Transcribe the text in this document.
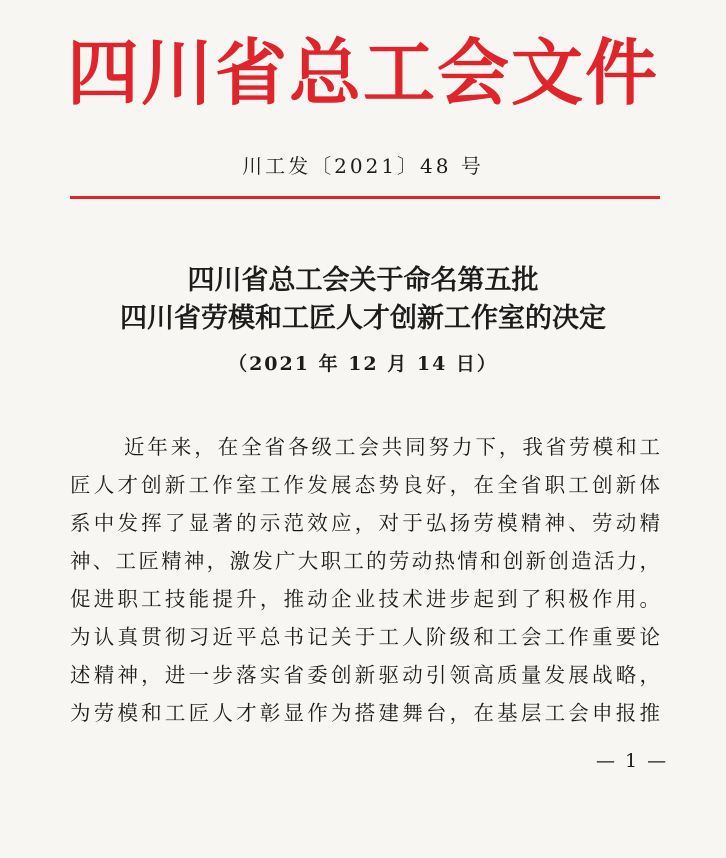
四川省总工会文件
川工发〔2021〕48 号
四川省总工会关于命名第五批
四川省劳模和工匠人才创新工作室的决定
（2021 年 12 月 14 日）
近年来，在全省各级工会共同努力下，我省劳模和工
匠人才创新工作室工作发展态势良好，在全省职工创新体
系中发挥了显著的示范效应，对于弘扬劳模精神、劳动精
神、工匠精神，激发广大职工的劳动热情和创新创造活力，
促进职工技能提升，推动企业技术进步起到了积极作用。
为认真贯彻习近平总书记关于工人阶级和工会工作重要论
述精神，进一步落实省委创新驱动引领高质量发展战略，
为劳模和工匠人才彰显作为搭建舞台，在基层工会申报推
— 1 —
